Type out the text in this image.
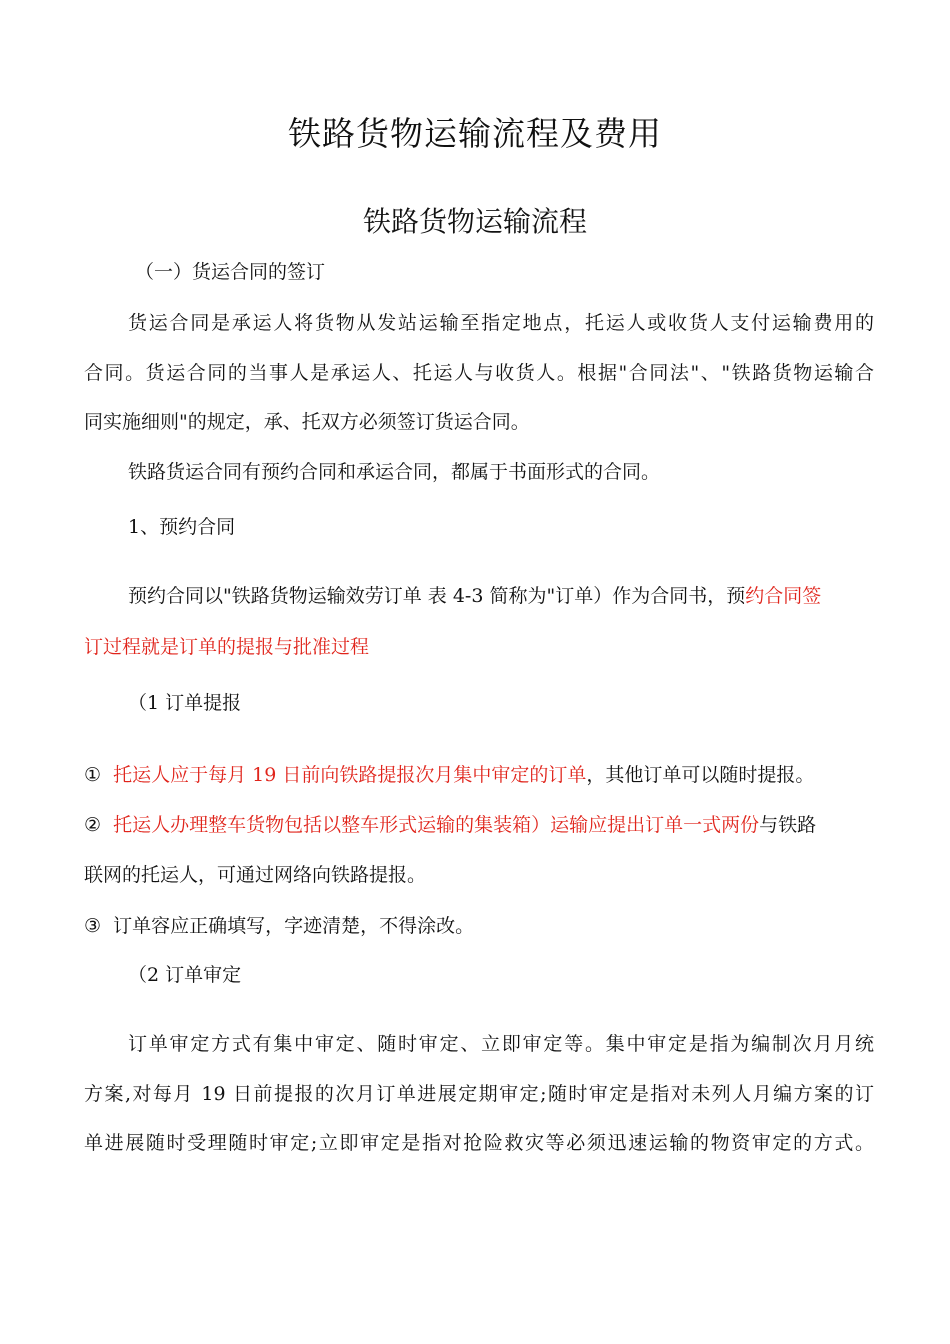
铁路货物运输流程及费用
铁路货物运输流程
（一）货运合同的签订
货运合同是承运人将货物从发站运输至指定地点，托运人或收货人支付运输费用的
合同。货运合同的当事人是承运人、托运人与收货人。根据"合同法"、"铁路货物运输合
同实施细则"的规定，承、托双方必须签订货运合同。
铁路货运合同有预约合同和承运合同，都属于书面形式的合同。
1、预约合同
预约合同以"铁路货物运输效劳订单 表 4-3 简称为"订单）作为合同书，预约合同签
订过程就是订单的提报与批准过程
（1 订单提报
① 托运人应于每月 19 日前向铁路提报次月集中审定的订单，其他订单可以随时提报。
② 托运人办理整车货物包括以整车形式运输的集装箱）运输应提出订单一式两份与铁路
联网的托运人，可通过网络向铁路提报。
③ 订单容应正确填写，字迹清楚，不得涂改。
（2 订单审定
订单审定方式有集中审定、随时审定、立即审定等。集中审定是指为编制次月月统
方案,对每月 19 日前提报的次月订单进展定期审定;随时审定是指对未列人月编方案的订
单进展随时受理随时审定;立即审定是指对抢险救灾等必须迅速运输的物资审定的方式。
